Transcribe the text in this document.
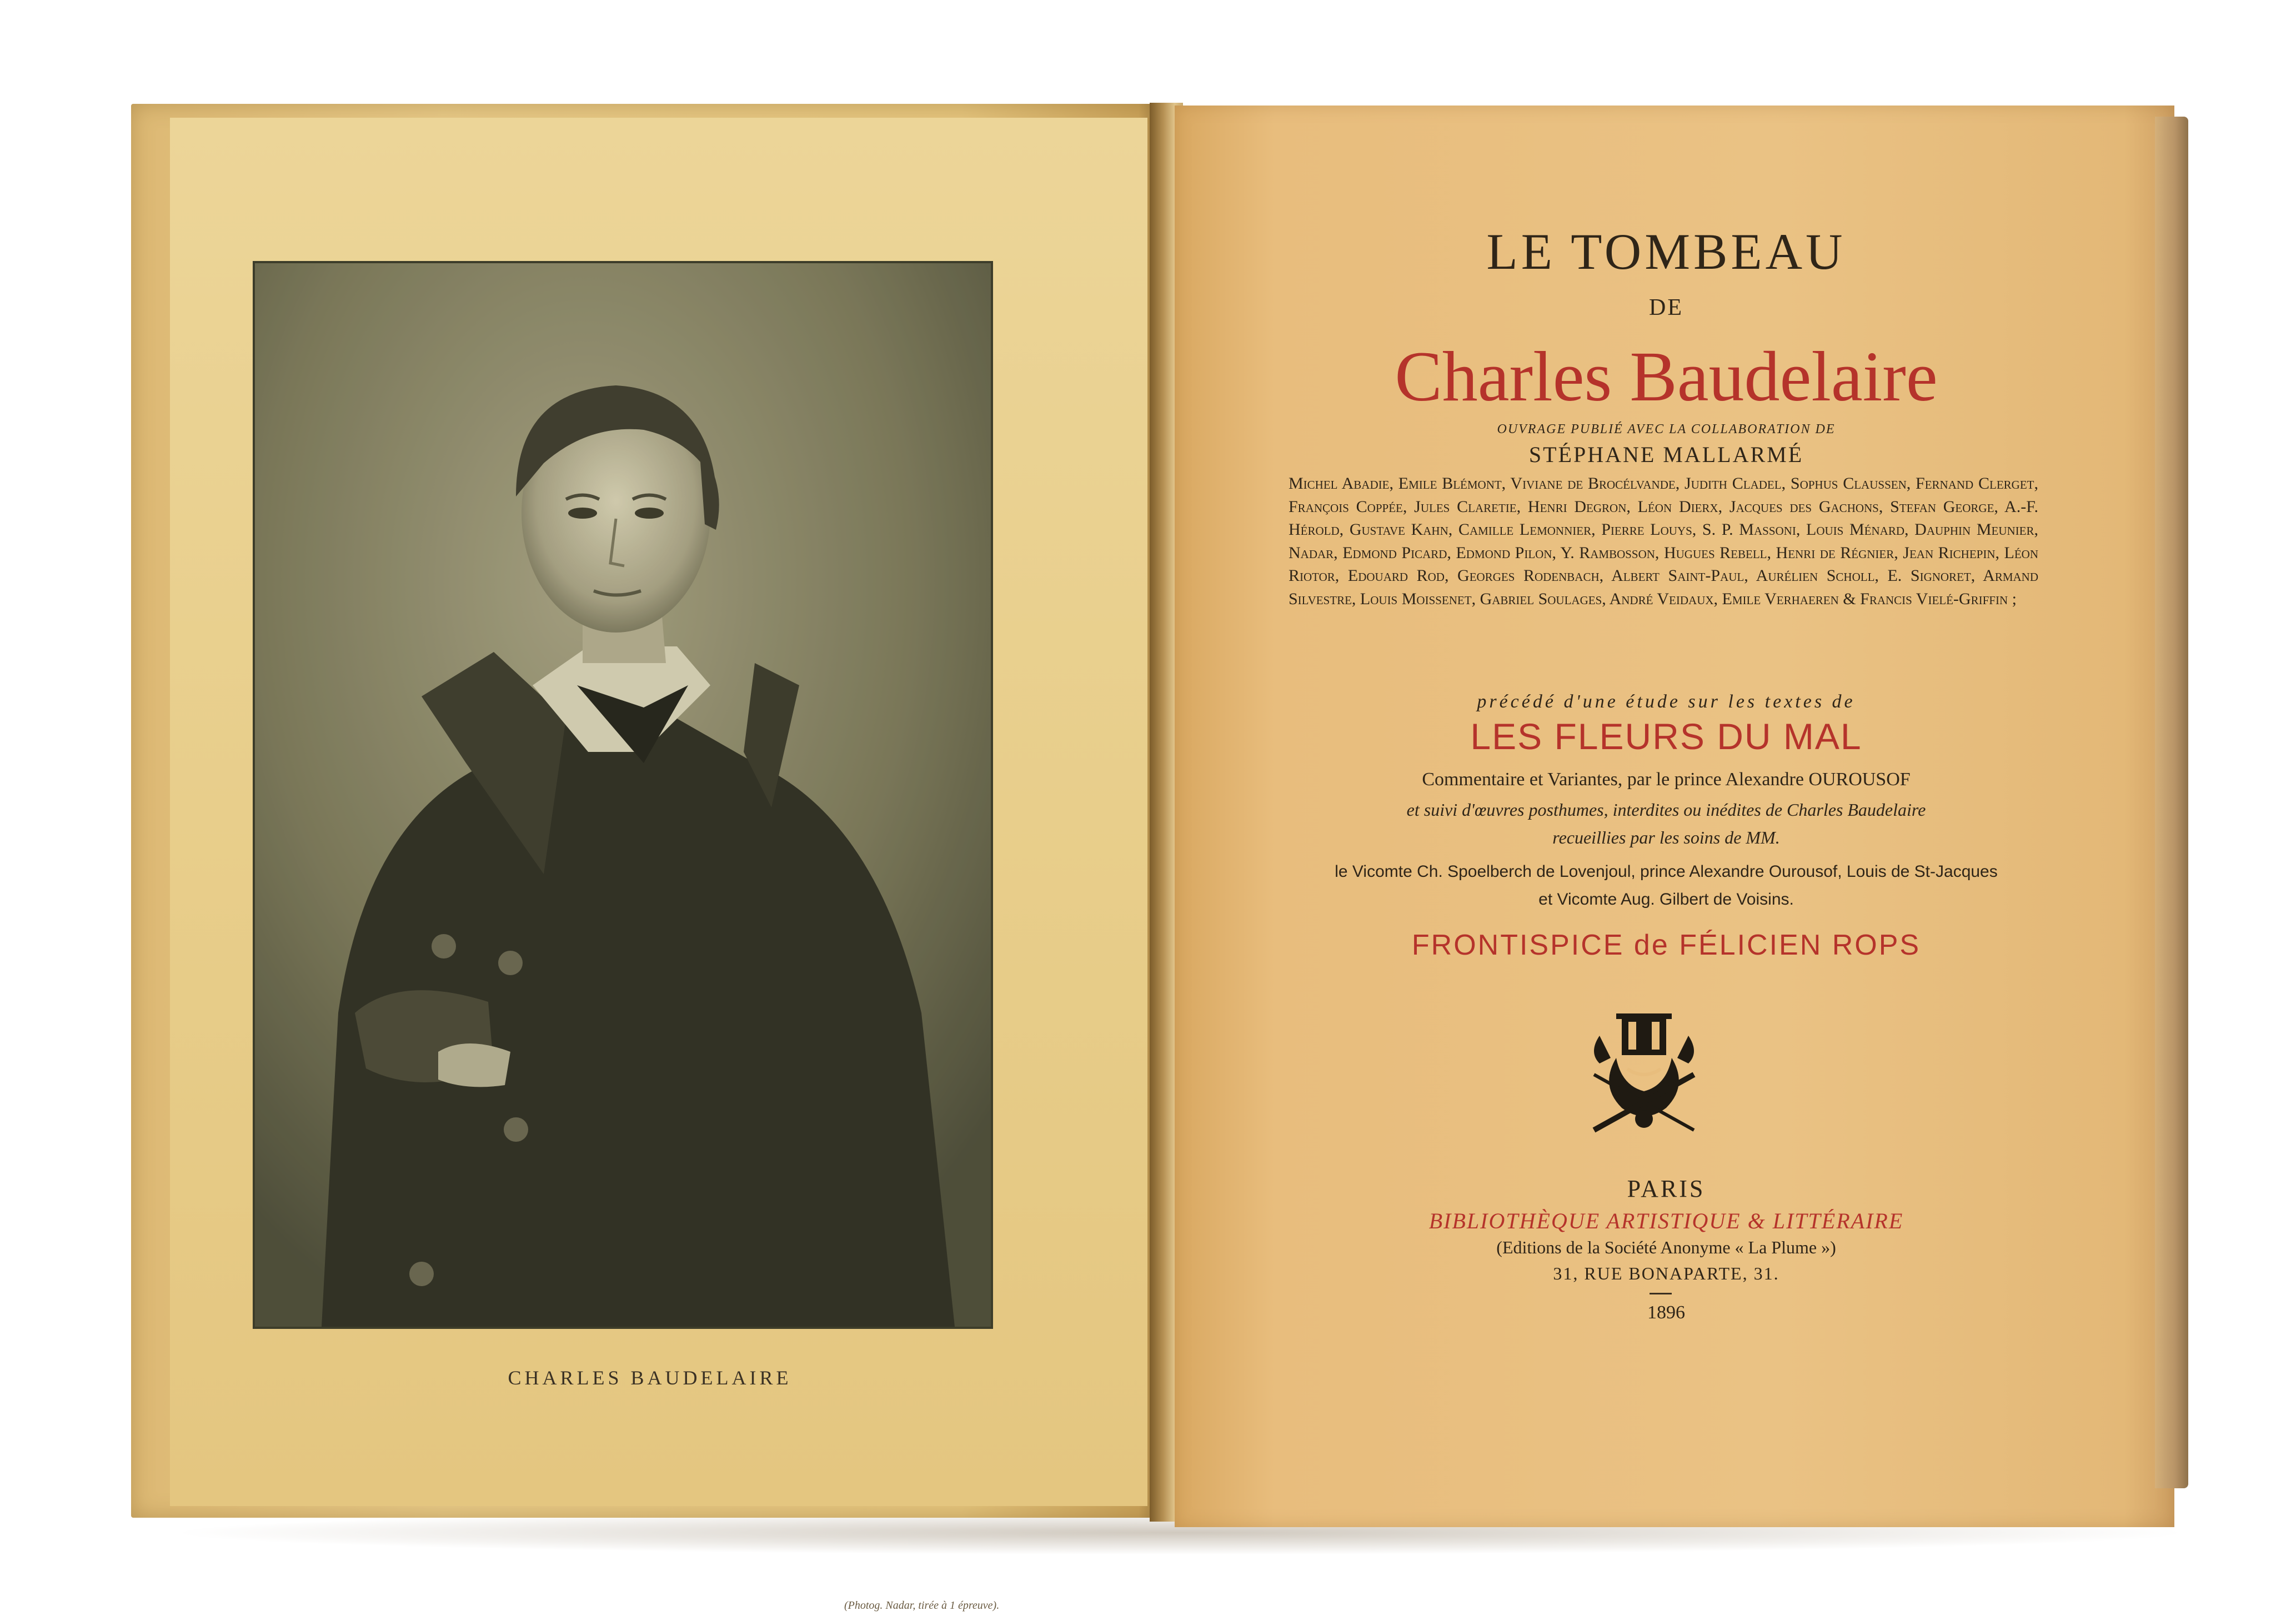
CHARLES BAUDELAIRE
(Photog. Nadar, tirée à 1 épreuve).
LE TOMBEAU
DE
Charles Baudelaire
OUVRAGE PUBLIÉ AVEC LA COLLABORATION DE
STÉPHANE MALLARMÉ
Michel Abadie, Emile Blémont, Viviane de Brocélvande, Judith Cladel, Sophus Claussen, Fernand Clerget, François Coppée, Jules Claretie, Henri Degron, Léon Dierx, Jacques des Gachons, Stefan George, A.-F. Hérold, Gustave Kahn, Camille Lemonnier, Pierre Louys, S. P. Massoni, Louis Ménard, Dauphin Meunier, Nadar, Edmond Picard, Edmond Pilon, Y. Rambosson, Hugues Rebell, Henri de Régnier, Jean Richepin, Léon Riotor, Edouard Rod, Georges Rodenbach, Albert Saint-Paul, Aurélien Scholl, E. Signoret, Armand Silvestre, Louis Moissenet, Gabriel Soulages, André Veidaux, Emile Verhaeren & Francis Vielé-Griffin ;
précédé d'une étude sur les textes de
LES FLEURS DU MAL
Commentaire et Variantes, par le prince Alexandre OUROUSOF
et suivi d'œuvres posthumes, interdites ou inédites de Charles Baudelaire
recueillies par les soins de MM.
le Vicomte Ch. Spoelberch de Lovenjoul, prince Alexandre Ourousof, Louis de St-Jacques
et Vicomte Aug. Gilbert de Voisins.
FRONTISPICE de FÉLICIEN ROPS
PARIS
BIBLIOTHÈQUE ARTISTIQUE & LITTÉRAIRE
(Editions de la Société Anonyme « La Plume »)
31, RUE BONAPARTE, 31.
1896
